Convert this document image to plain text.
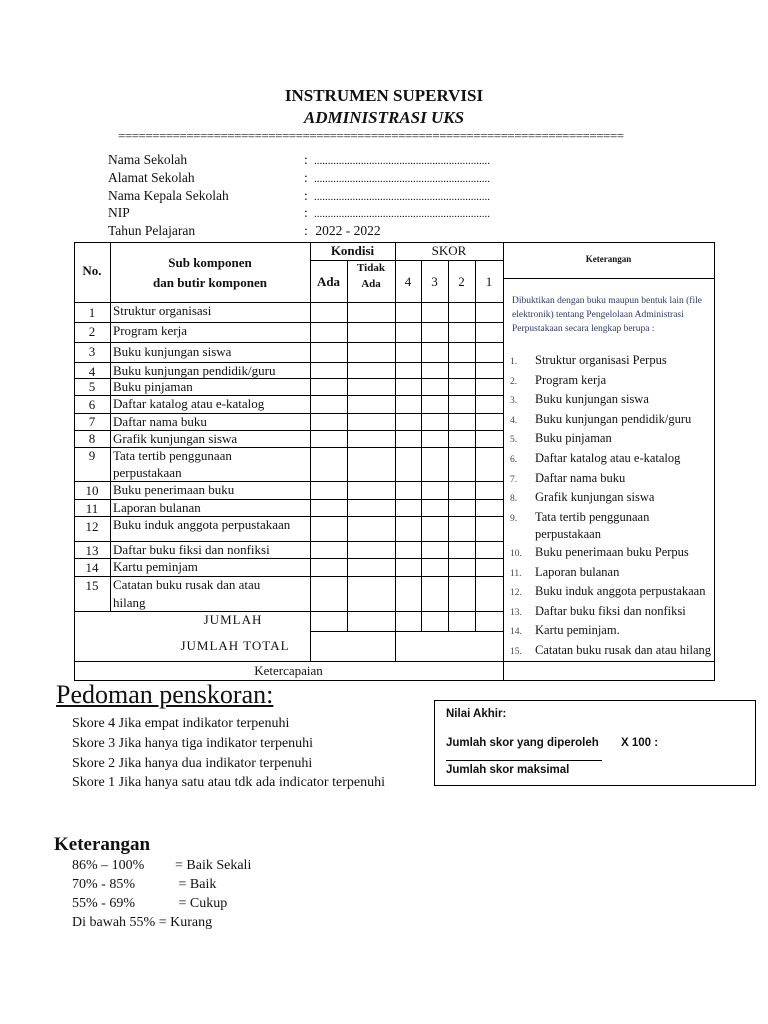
INSTRUMEN SUPERVISI
ADMINISTRASI UKS
==========================================================================
Nama Sekolah	: ................................................................
Alamat Sekolah	: ................................................................
Nama Kepala Sekolah	: ................................................................
NIP	: ................................................................
Tahun Pelajaran	: 2022 - 2022
No.
Sub komponen
dan butir komponen
Kondisi
Ada
Tidak
Ada
SKOR
4	3	2	1
Keterangan
1	Struktur organisasi
2	Program kerja
3	Buku kunjungan siswa
4	Buku kunjungan pendidik/guru
5	Buku pinjaman
6	Daftar katalog atau e-katalog
7	Daftar nama buku
8	Grafik kunjungan siswa
9	Tata tertib penggunaan
perpustakaan
10	Buku penerimaan buku
11	Laporan bulanan
12	Buku induk anggota perpustakaan
13	Daftar buku fiksi dan nonfiksi
14	Kartu peminjam
15	Catatan buku rusak dan atau
hilang
JUMLAH
JUMLAH TOTAL
Ketercapaian
Dibuktikan dengan buku maupun bentuk lain (file elektronik) tentang Pengelolaan Administrasi Perpustakaan secara lengkap berupa :
1.	Struktur organisasi Perpus
2.	Program kerja
3.	Buku kunjungan siswa
4.	Buku kunjungan pendidik/guru
5.	Buku pinjaman
6.	Daftar katalog atau e-katalog
7.	Daftar nama buku
8.	Grafik kunjungan siswa
9.	Tata tertib penggunaan perpustakaan
10.	Buku penerimaan buku Perpus
11.	Laporan bulanan
12.	Buku induk anggota perpustakaan
13.	Daftar buku fiksi dan nonfiksi
14.	Kartu peminjam.
15.	Catatan buku rusak dan atau hilang
Pedoman penskoran:
Skore 4 Jika empat indikator terpenuhi
Skore 3 Jika hanya tiga indikator terpenuhi
Skore 2 Jika hanya dua indikator terpenuhi
Skore 1 Jika hanya satu atau tdk ada indicator terpenuhi
Nilai Akhir:
Jumlah skor yang diperoleh X 100 :
Jumlah skor maksimal
Keterangan
86% – 100% = Baik Sekali
70% - 85%	= Baik
55% - 69%	= Cukup
Di bawah 55% = Kurang
